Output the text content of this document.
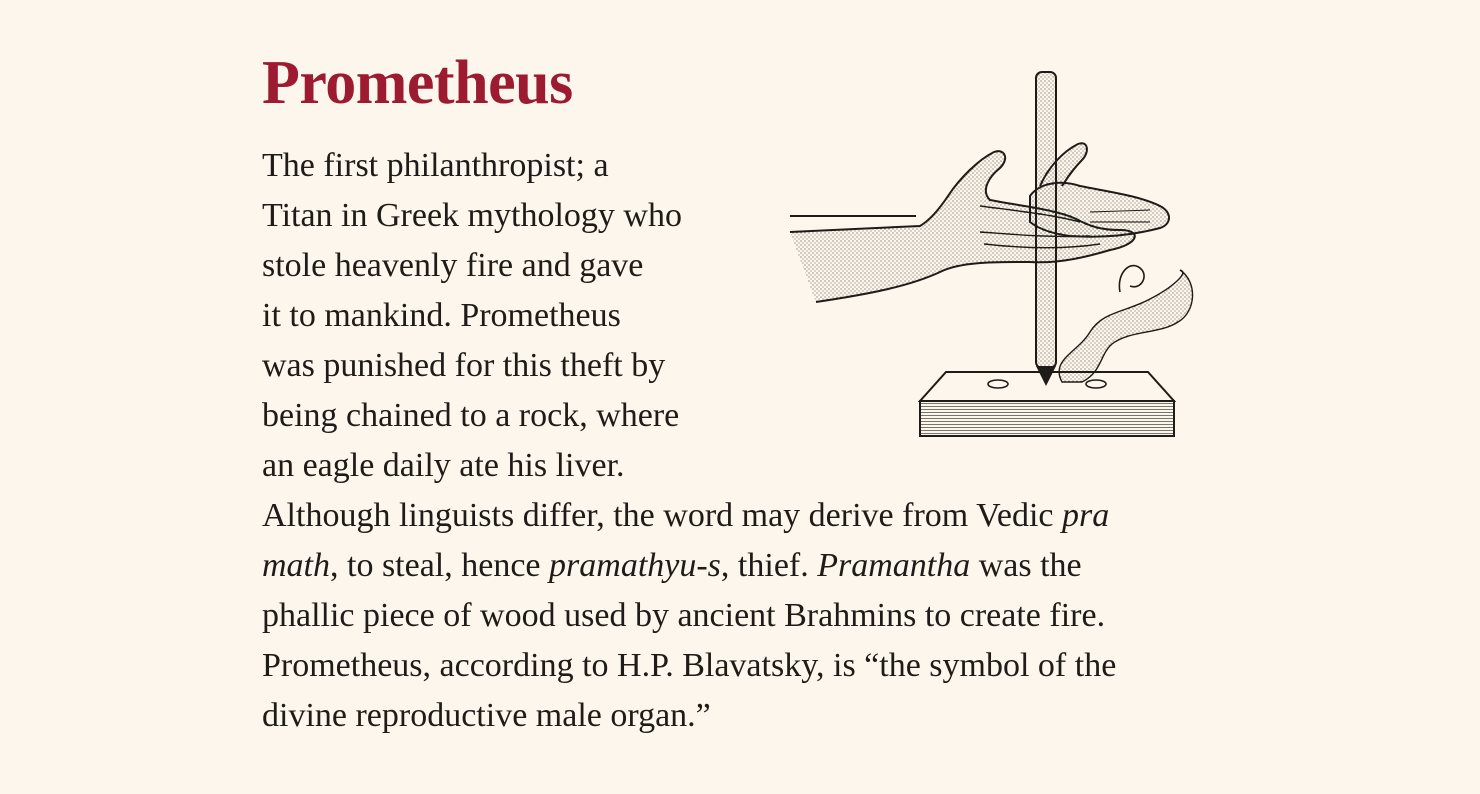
Prometheus
The first philanthropist; a
Titan in Greek mythology who
stole heavenly fire and gave
it to mankind. Prometheus
was punished for this theft by
being chained to a rock, where
an eagle daily ate his liver.
Although linguists differ, the word may derive from Vedic pra
math, to steal, hence pramathyu-s, thief. Pramantha was the
phallic piece of wood used by ancient Brahmins to create fire.
Prometheus, according to H.P. Blavatsky, is “the symbol of the
divine reproductive male organ.”
